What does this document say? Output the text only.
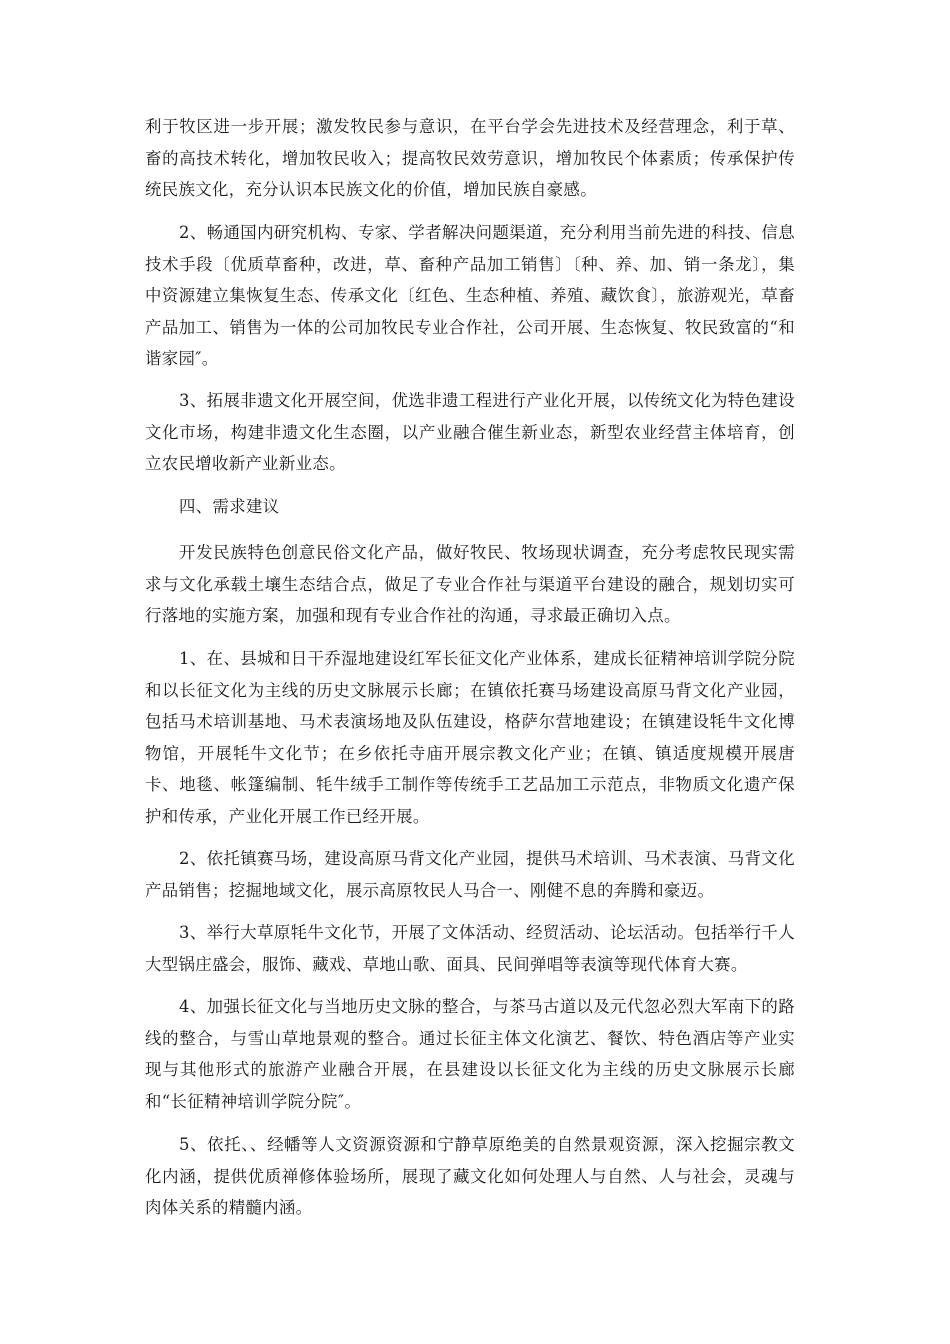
利于牧区进一步开展；激发牧民参与意识，在平台学会先进技术及经营理念，利于草、畜的高技术转化，增加牧民收入；提高牧民效劳意识，增加牧民个体素质；传承保护传统民族文化，充分认识本民族文化的价值，增加民族自豪感。

2、畅通国内研究机构、专家、学者解决问题渠道，充分利用当前先进的科技、信息技术手段〔优质草畜种，改进，草、畜种产品加工销售〕〔种、养、加、销一条龙〕，集中资源建立集恢复生态、传承文化〔红色、生态种植、养殖、藏饮食〕，旅游观光，草畜产品加工、销售为一体的公司加牧民专业合作社，公司开展、生态恢复、牧民致富的“和谐家园″。

3、拓展非遗文化开展空间，优选非遗工程进行产业化开展，以传统文化为特色建设文化市场，构建非遗文化生态圈，以产业融合催生新业态，新型农业经营主体培育，创立农民增收新产业新业态。

四、需求建议

开发民族特色创意民俗文化产品，做好牧民、牧场现状调查，充分考虑牧民现实需求与文化承载土壤生态结合点，做足了专业合作社与渠道平台建设的融合，规划切实可行落地的实施方案，加强和现有专业合作社的沟通，寻求最正确切入点。

1、在、县城和日干乔湿地建设红军长征文化产业体系，建成长征精神培训学院分院和以长征文化为主线的历史文脉展示长廊；在镇依托赛马场建设高原马背文化产业园，包括马术培训基地、马术表演场地及队伍建设，格萨尔营地建设；在镇建设牦牛文化博物馆，开展牦牛文化节；在乡依托寺庙开展宗教文化产业；在镇、镇适度规模开展唐卡、地毯、帐篷编制、牦牛绒手工制作等传统手工艺品加工示范点，非物质文化遗产保护和传承，产业化开展工作已经开展。

2、依托镇赛马场，建设高原马背文化产业园，提供马术培训、马术表演、马背文化产品销售；挖掘地域文化，展示高原牧民人马合一、刚健不息的奔腾和豪迈。

3、举行大草原牦牛文化节，开展了文体活动、经贸活动、论坛活动。包括举行千人大型锅庄盛会，服饰、藏戏、草地山歌、面具、民间弹唱等表演等现代体育大赛。

4、加强长征文化与当地历史文脉的整合，与茶马古道以及元代忽必烈大军南下的路线的整合，与雪山草地景观的整合。通过长征主体文化演艺、餐饮、特色酒店等产业实现与其他形式的旅游产业融合开展，在县建设以长征文化为主线的历史文脉展示长廊和“长征精神培训学院分院″。

5、依托、、经幡等人文资源资源和宁静草原绝美的自然景观资源，深入挖掘宗教文化内涵，提供优质禅修体验场所，展现了藏文化如何处理人与自然、人与社会，灵魂与肉体关系的精髓内涵。
